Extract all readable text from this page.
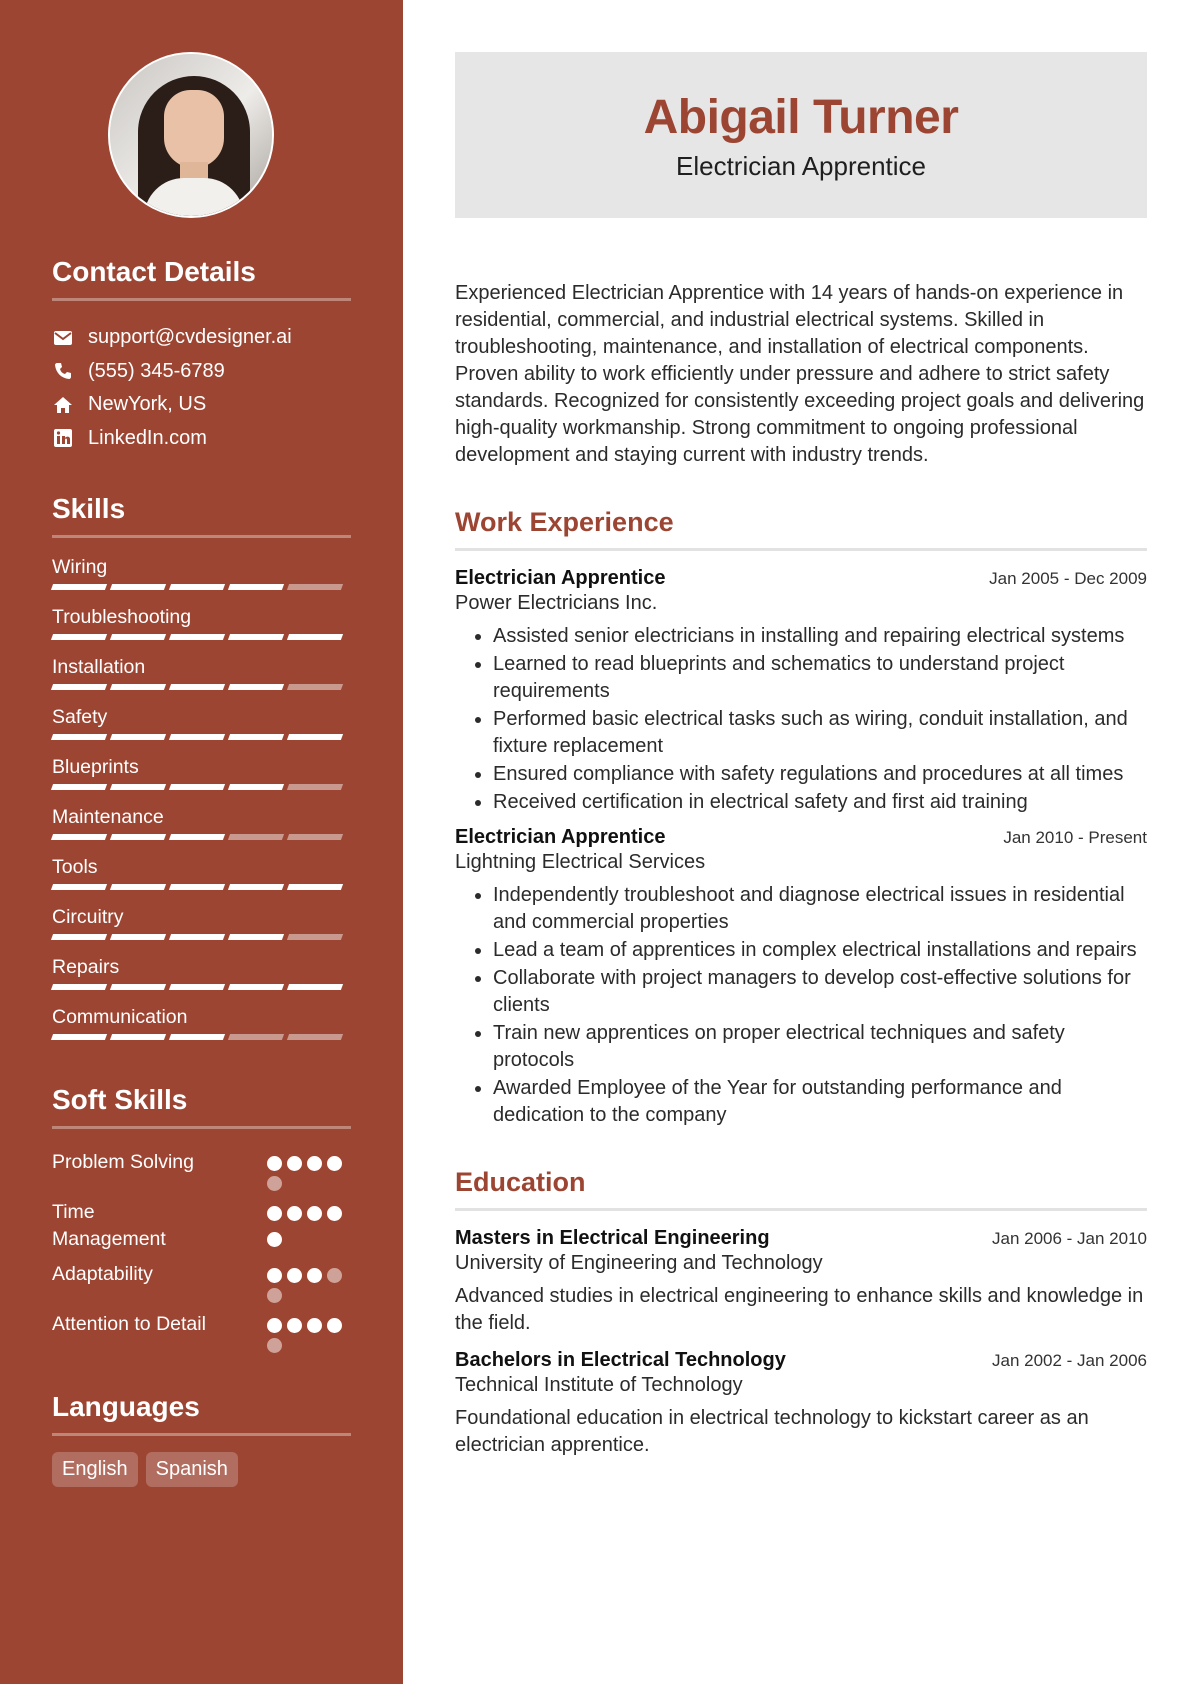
Contact Details
support@cvdesigner.ai
(555) 345-6789
NewYork, US
LinkedIn.com
Skills
Wiring
Troubleshooting
Installation
Safety
Blueprints
Maintenance
Tools
Circuitry
Repairs
Communication
Soft Skills
Problem Solving
Time Management
Adaptability
Attention to Detail
Languages
English	Spanish
Abigail Turner
Electrician Apprentice

Experienced Electrician Apprentice with 14 years of hands-on experience in residential, commercial, and industrial electrical systems. Skilled in troubleshooting, maintenance, and installation of electrical components. Proven ability to work efficiently under pressure and adhere to strict safety standards. Recognized for consistently exceeding project goals and delivering high-quality workmanship. Strong commitment to ongoing professional development and staying current with industry trends.

Work Experience
Electrician Apprentice	Jan 2005 - Dec 2009
Power Electricians Inc.
• Assisted senior electricians in installing and repairing electrical systems
• Learned to read blueprints and schematics to understand project requirements
• Performed basic electrical tasks such as wiring, conduit installation, and fixture replacement
• Ensured compliance with safety regulations and procedures at all times
• Received certification in electrical safety and first aid training
Electrician Apprentice	Jan 2010 - Present
Lightning Electrical Services
• Independently troubleshoot and diagnose electrical issues in residential and commercial properties
• Lead a team of apprentices in complex electrical installations and repairs
• Collaborate with project managers to develop cost-effective solutions for clients
• Train new apprentices on proper electrical techniques and safety protocols
• Awarded Employee of the Year for outstanding performance and dedication to the company
Education
Masters in Electrical Engineering	Jan 2006 - Jan 2010
University of Engineering and Technology

Advanced studies in electrical engineering to enhance skills and knowledge in the field.

Bachelors in Electrical Technology	Jan 2002 - Jan 2006
Technical Institute of Technology

Foundational education in electrical technology to kickstart career as an electrician apprentice.
